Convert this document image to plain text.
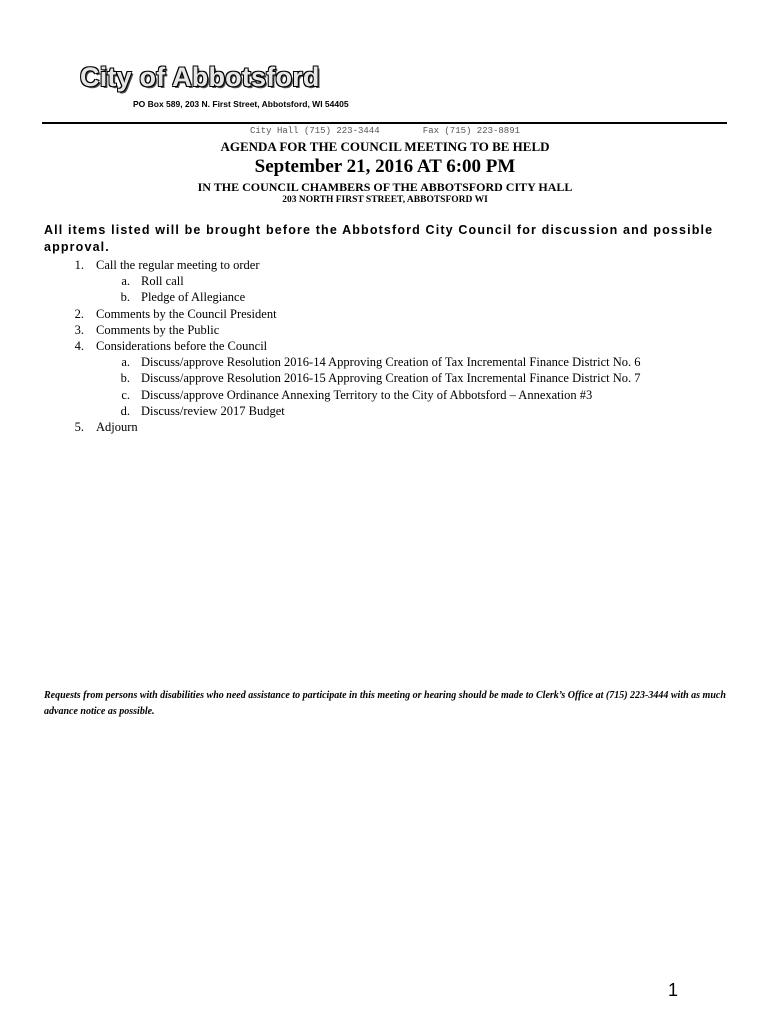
City of Abbotsford
PO Box 589, 203 N. First Street, Abbotsford, WI 54405
City Hall (715) 223-3444        Fax (715) 223-8891
AGENDA FOR THE COUNCIL MEETING TO BE HELD
September 21, 2016 AT 6:00 PM
IN THE COUNCIL CHAMBERS OF THE ABBOTSFORD CITY HALL
203 NORTH FIRST STREET, ABBOTSFORD WI
All items listed will be brought before the Abbotsford City Council for discussion and possible approval.
1. Call the regular meeting to order
a. Roll call
b. Pledge of Allegiance
2. Comments by the Council President
3. Comments by the Public
4. Considerations before the Council
a. Discuss/approve Resolution 2016-14 Approving Creation of Tax Incremental Finance District No. 6
b. Discuss/approve Resolution 2016-15 Approving Creation of Tax Incremental Finance District No. 7
c. Discuss/approve Ordinance Annexing Territory to the City of Abbotsford – Annexation #3
d. Discuss/review 2017 Budget
5. Adjourn
Requests from persons with disabilities who need assistance to participate in this meeting or hearing should be made to Clerk’s Office at (715) 223-3444 with as much advance notice as possible.
1
